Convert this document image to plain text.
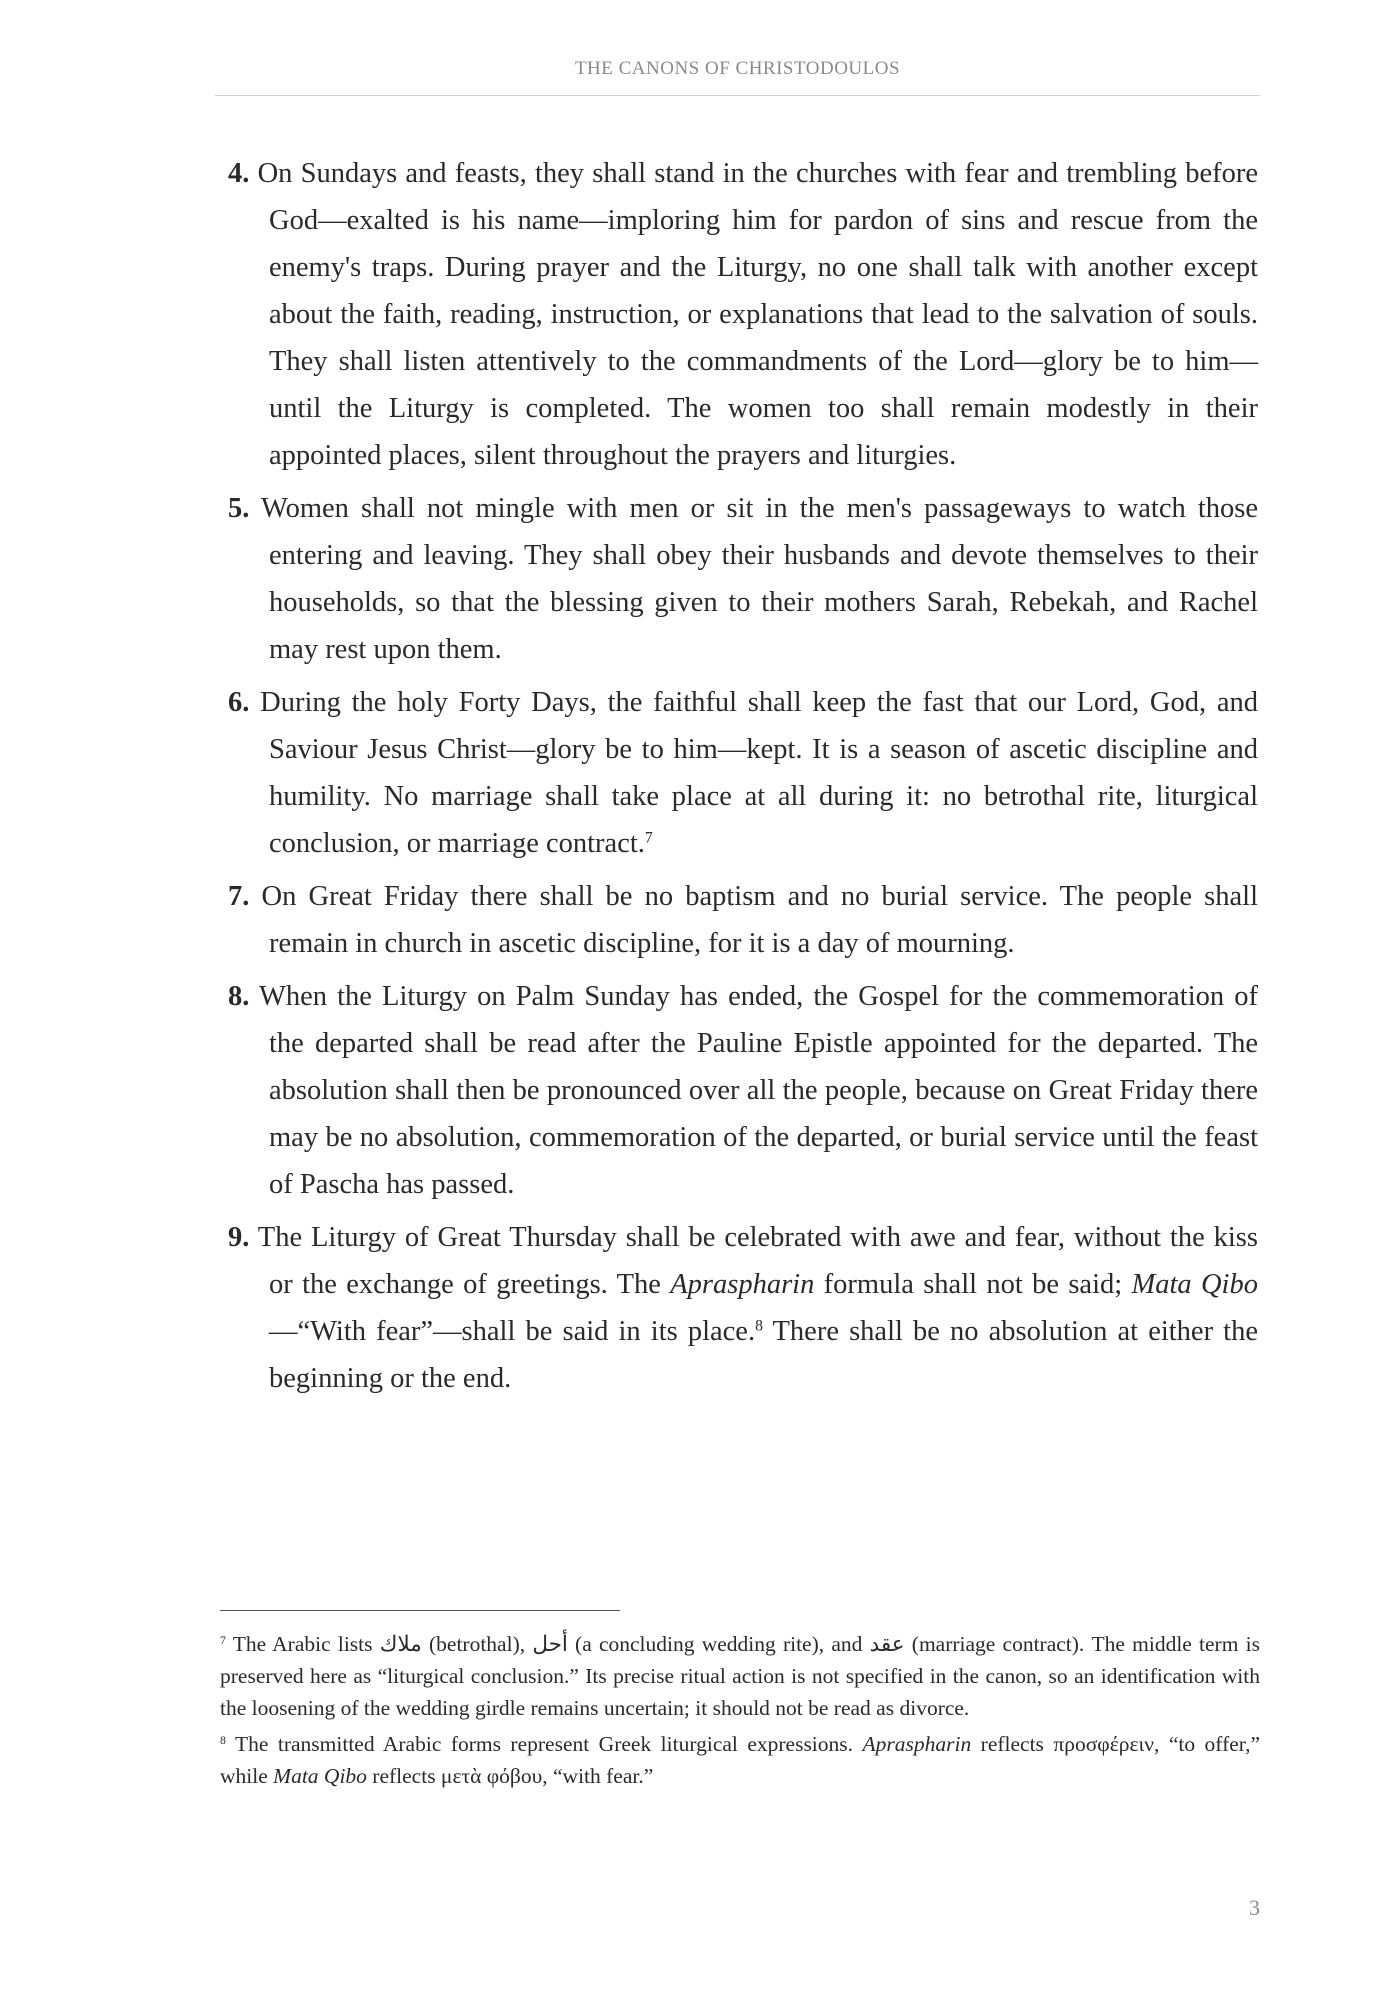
THE CANONS OF CHRISTODOULOS

4. On Sundays and feasts, they shall stand in the churches with fear and trembling before God—exalted is his name—imploring him for pardon of sins and rescue from the enemy's traps. During prayer and the Liturgy, no one shall talk with another except about the faith, reading, instruction, or explanations that lead to the salvation of souls. They shall listen attentively to the commandments of the Lord—glory be to him—until the Liturgy is completed. The women too shall remain modestly in their appointed places, silent throughout the prayers and liturgies.

5. Women shall not mingle with men or sit in the men's passageways to watch those entering and leaving. They shall obey their husbands and devote themselves to their households, so that the blessing given to their mothers Sarah, Rebekah, and Rachel may rest upon them.

6. During the holy Forty Days, the faithful shall keep the fast that our Lord, God, and Saviour Jesus Christ—glory be to him—kept. It is a season of ascetic discipline and humility. No marriage shall take place at all during it: no betrothal rite, liturgical conclusion, or marriage contract.$^7$

7. On Great Friday there shall be no baptism and no burial service. The people shall remain in church in ascetic discipline, for it is a day of mourning.

8. When the Liturgy on Palm Sunday has ended, the Gospel for the commemoration of the departed shall be read after the Pauline Epistle appointed for the departed. The absolution shall then be pronounced over all the people, because on Great Friday there may be no absolution, commemoration of the departed, or burial service until the feast of Pascha has passed.

9. The Liturgy of Great Thursday shall be celebrated with awe and fear, without the kiss or the exchange of greetings. The Apraspharin formula shall not be said; Mata Qibo—“With fear”—shall be said in its place.$^8$ There shall be no absolution at either the beginning or the end.

$^7$ The Arabic lists ملاك (betrothal), أحل (a concluding wedding rite), and عقد (marriage contract). The middle term is preserved here as “liturgical conclusion.” Its precise ritual action is not specified in the canon, so an identification with the loosening of the wedding girdle remains uncertain; it should not be read as divorce.

$^8$ The transmitted Arabic forms represent Greek liturgical expressions. Apraspharin reflects προσφέρειν, “to offer,” while Mata Qibo reflects μετὰ φόβου, “with fear.”

3
